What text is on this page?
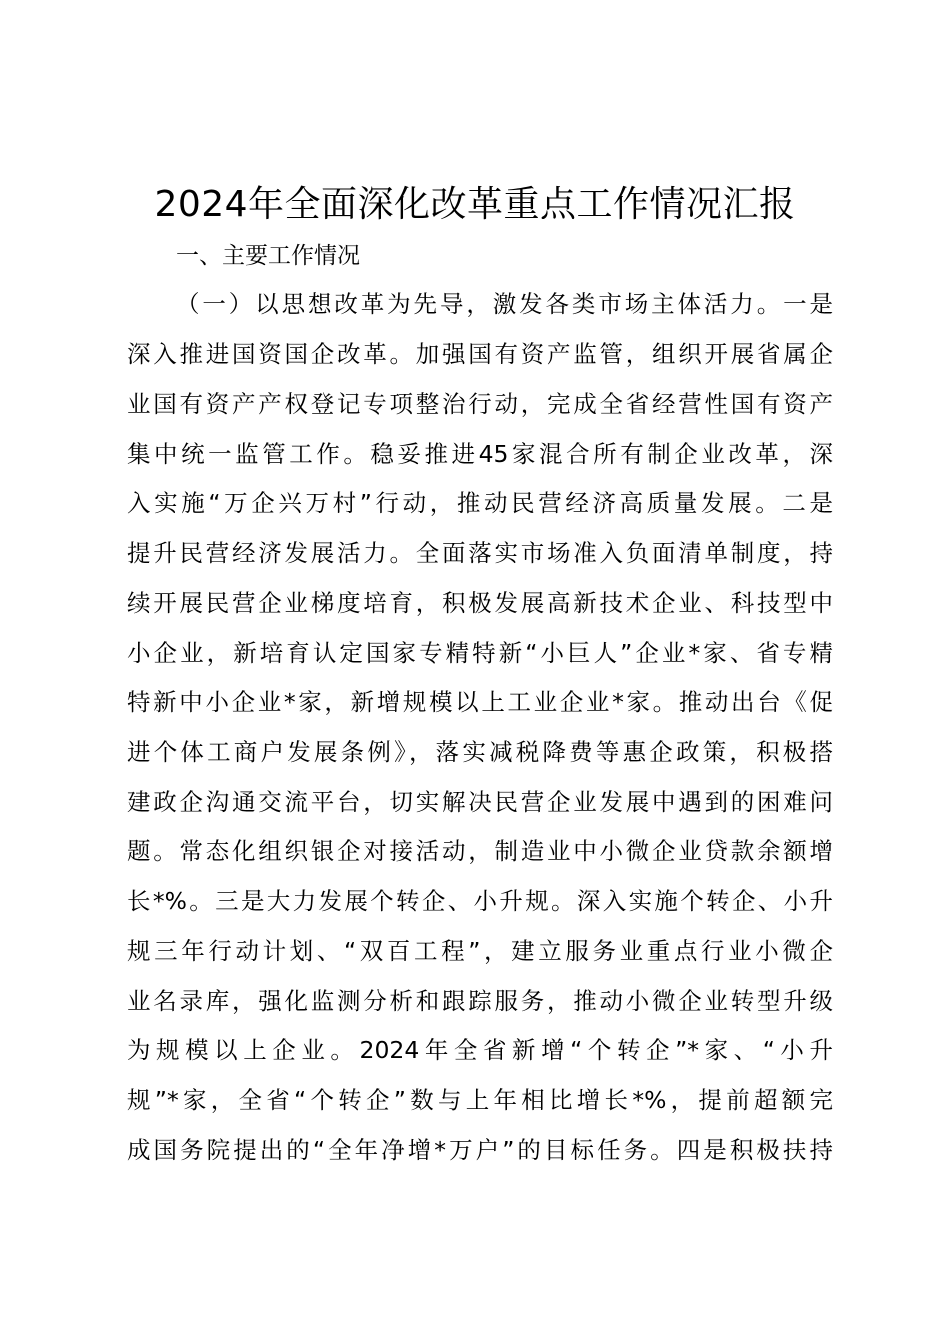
2024年全面深化改革重点工作情况汇报
一、主要工作情况
（一）以思想改革为先导，激发各类市场主体活力。一是
深入推进国资国企改革。加强国有资产监管，组织开展省属企
业国有资产产权登记专项整治行动，完成全省经营性国有资产
集中统一监管工作。稳妥推进45家混合所有制企业改革，深
入实施“万企兴万村”行动，推动民营经济高质量发展。二是
提升民营经济发展活力。全面落实市场准入负面清单制度，持
续开展民营企业梯度培育，积极发展高新技术企业、科技型中
小企业，新培育认定国家专精特新“小巨人”企业*家、省专精
特新中小企业*家，新增规模以上工业企业*家。推动出台《促
进个体工商户发展条例》，落实减税降费等惠企政策，积极搭
建政企沟通交流平台，切实解决民营企业发展中遇到的困难问
题。常态化组织银企对接活动，制造业中小微企业贷款余额增
长*%。三是大力发展个转企、小升规。深入实施个转企、小升
规三年行动计划、“双百工程”，建立服务业重点行业小微企
业名录库，强化监测分析和跟踪服务，推动小微企业转型升级
为规模以上企业。2024年全省新增“个转企”*家、“小升
规”*家，全省“个转企”数与上年相比增长*%，提前超额完
成国务院提出的“全年净增*万户”的目标任务。四是积极扶持
